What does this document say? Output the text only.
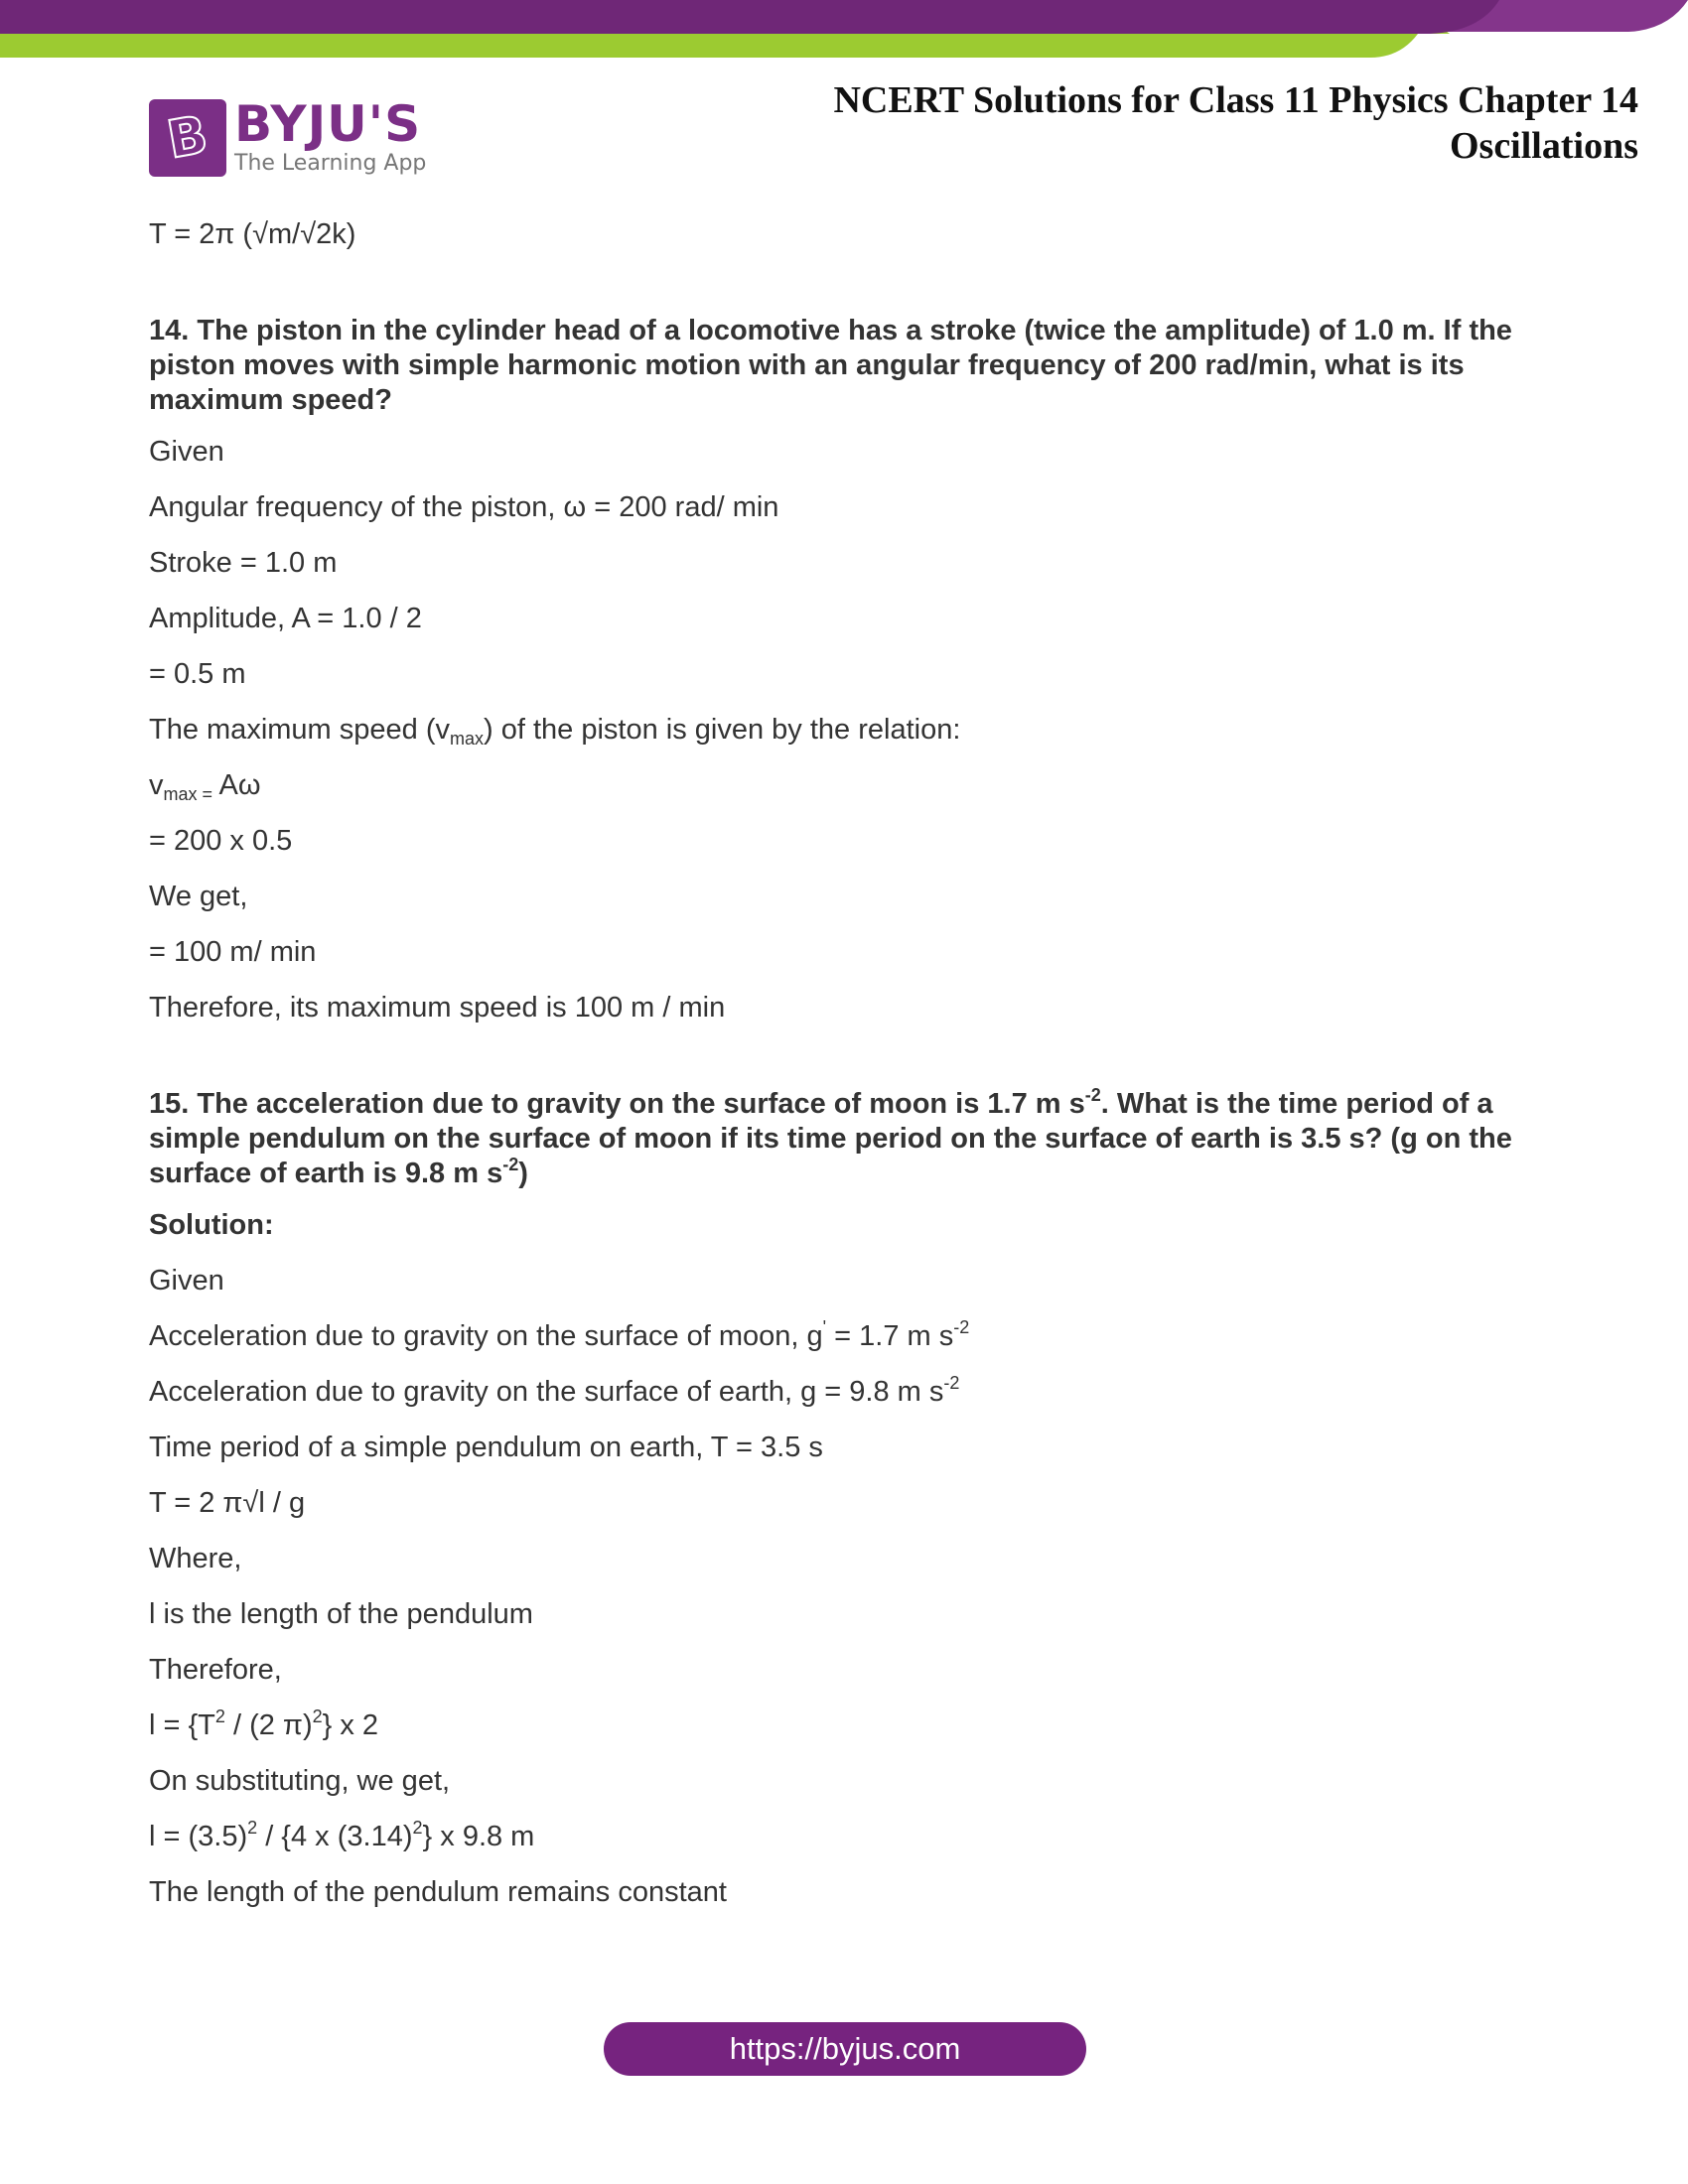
B BYJU'S
The Learning App
NCERT Solutions for Class 11 Physics Chapter 14
Oscillations
T = 2π (√m/√2k)
14. The piston in the cylinder head of a locomotive has a stroke (twice the amplitude) of 1.0 m. If the piston moves with simple harmonic motion with an angular frequency of 200 rad/min, what is its maximum speed?
Given
Angular frequency of the piston, ω = 200 rad/ min
Stroke = 1.0 m
Amplitude, A = 1.0 / 2
= 0.5 m
The maximum speed $(v_{max})$ of the piston is given by the relation:
$v_{max =}$ Aω
= 200 x 0.5
We get,
= 100 m/ min
Therefore, its maximum speed is 100 m / min
15. The acceleration due to gravity on the surface of moon is 1.7 m $s^{-2}$. What is the time period of a simple pendulum on the surface of moon if its time period on the surface of earth is 3.5 s? (g on the surface of earth is 9.8 m $s^{-2}$)
Solution:
Given
Acceleration due to gravity on the surface of moon, g' = 1.7 m $s^{-2}$
Acceleration due to gravity on the surface of earth, g = 9.8 m $s^{-2}$
Time period of a simple pendulum on earth, T = 3.5 s
T = 2 π√l / g
Where,
l is the length of the pendulum
Therefore,
$l = \{T^2 / (2$ π)$^2$} x 2
On substituting, we get,
$l = (3.5)^2 / \{4$ x $(3.14)^2$} x 9.8 m
The length of the pendulum remains constant
https://byjus.com
